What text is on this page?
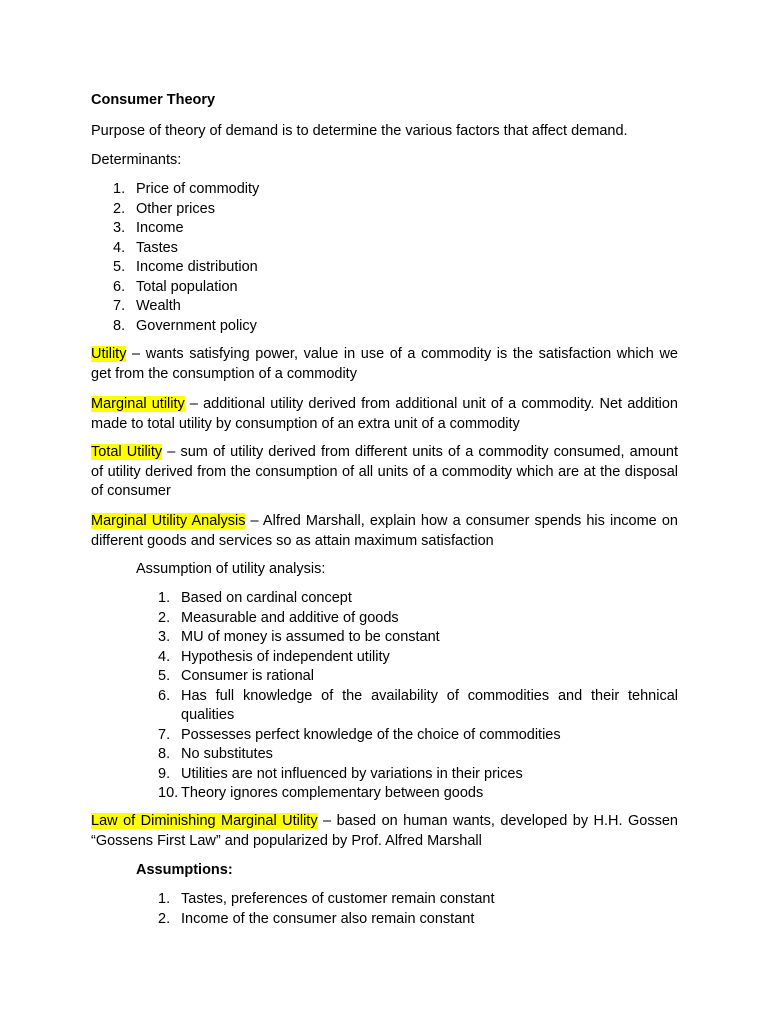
Consumer Theory
Purpose of theory of demand is to determine the various factors that affect demand.
Determinants:
1. Price of commodity
2. Other prices
3. Income
4. Tastes
5. Income distribution
6. Total population
7. Wealth
8. Government policy
Utility – wants satisfying power, value in use of a commodity is the satisfaction which we get from the consumption of a commodity
Marginal utility – additional utility derived from additional unit of a commodity. Net addition made to total utility by consumption of an extra unit of a commodity
Total Utility – sum of utility derived from different units of a commodity consumed, amount of utility derived from the consumption of all units of a commodity which are at the disposal of consumer
Marginal Utility Analysis – Alfred Marshall, explain how a consumer spends his income on different goods and services so as attain maximum satisfaction
Assumption of utility analysis:
1. Based on cardinal concept
2. Measurable and additive of goods
3. MU of money is assumed to be constant
4. Hypothesis of independent utility
5. Consumer is rational
6. Has full knowledge of the availability of commodities and their tehnical qualities
7. Possesses perfect knowledge of the choice of commodities
8. No substitutes
9. Utilities are not influenced by variations in their prices
10. Theory ignores complementary between goods
Law of Diminishing Marginal Utility – based on human wants, developed by H.H. Gossen “Gossens First Law” and popularized by Prof. Alfred Marshall
Assumptions:
1. Tastes, preferences of customer remain constant
2. Income of the consumer also remain constant
